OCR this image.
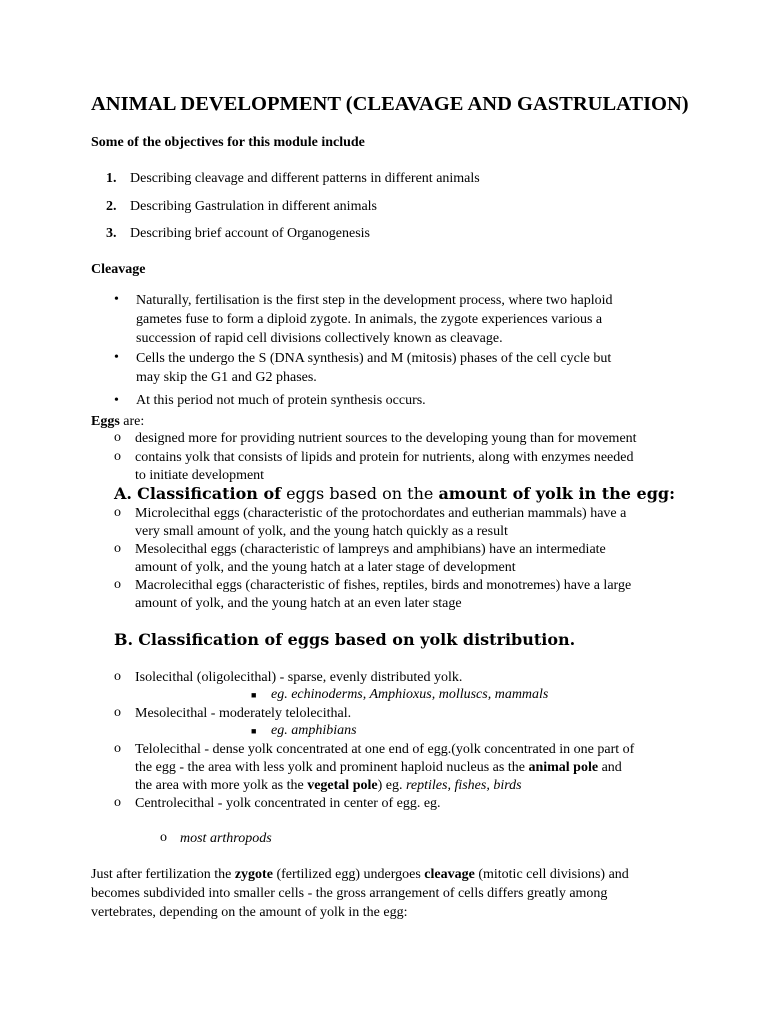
ANIMAL DEVELOPMENT (CLEAVAGE AND GASTRULATION)
Some of the objectives for this module include
1. Describing cleavage and different patterns in different animals
2. Describing Gastrulation in different animals
3. Describing brief account of Organogenesis
Cleavage
• Naturally, fertilisation is the first step in the development process, where two haploid
gametes fuse to form a diploid zygote. In animals, the zygote experiences various a
succession of rapid cell divisions collectively known as cleavage.
• Cells the undergo the S (DNA synthesis) and M (mitosis) phases of the cell cycle but
may skip the G1 and G2 phases.
• At this period not much of protein synthesis occurs.
Eggs are:
o designed more for providing nutrient sources to the developing young than for movement
o contains yolk that consists of lipids and protein for nutrients, along with enzymes needed
to initiate development
A. Classification of eggs based on the amount of yolk in the egg:
o Microlecithal eggs (characteristic of the protochordates and eutherian mammals) have a
very small amount of yolk, and the young hatch quickly as a result
o Mesolecithal eggs (characteristic of lampreys and amphibians) have an intermediate
amount of yolk, and the young hatch at a later stage of development
o Macrolecithal eggs (characteristic of fishes, reptiles, birds and monotremes) have a large
amount of yolk, and the young hatch at an even later stage
B. Classification of eggs based on yolk distribution.
o Isolecithal (oligolecithal) - sparse, evenly distributed yolk.
■ eg. echinoderms, Amphioxus, molluscs, mammals
o Mesolecithal - moderately telolecithal.
■ eg. amphibians
o Telolecithal - dense yolk concentrated at one end of egg.(yolk concentrated in one part of
the egg - the area with less yolk and prominent haploid nucleus as the animal pole and
the area with more yolk as the vegetal pole) eg. reptiles, fishes, birds
o Centrolecithal - yolk concentrated in center of egg. eg.
o most arthropods
Just after fertilization the zygote (fertilized egg) undergoes cleavage (mitotic cell divisions) and
becomes subdivided into smaller cells - the gross arrangement of cells differs greatly among
vertebrates, depending on the amount of yolk in the egg:
